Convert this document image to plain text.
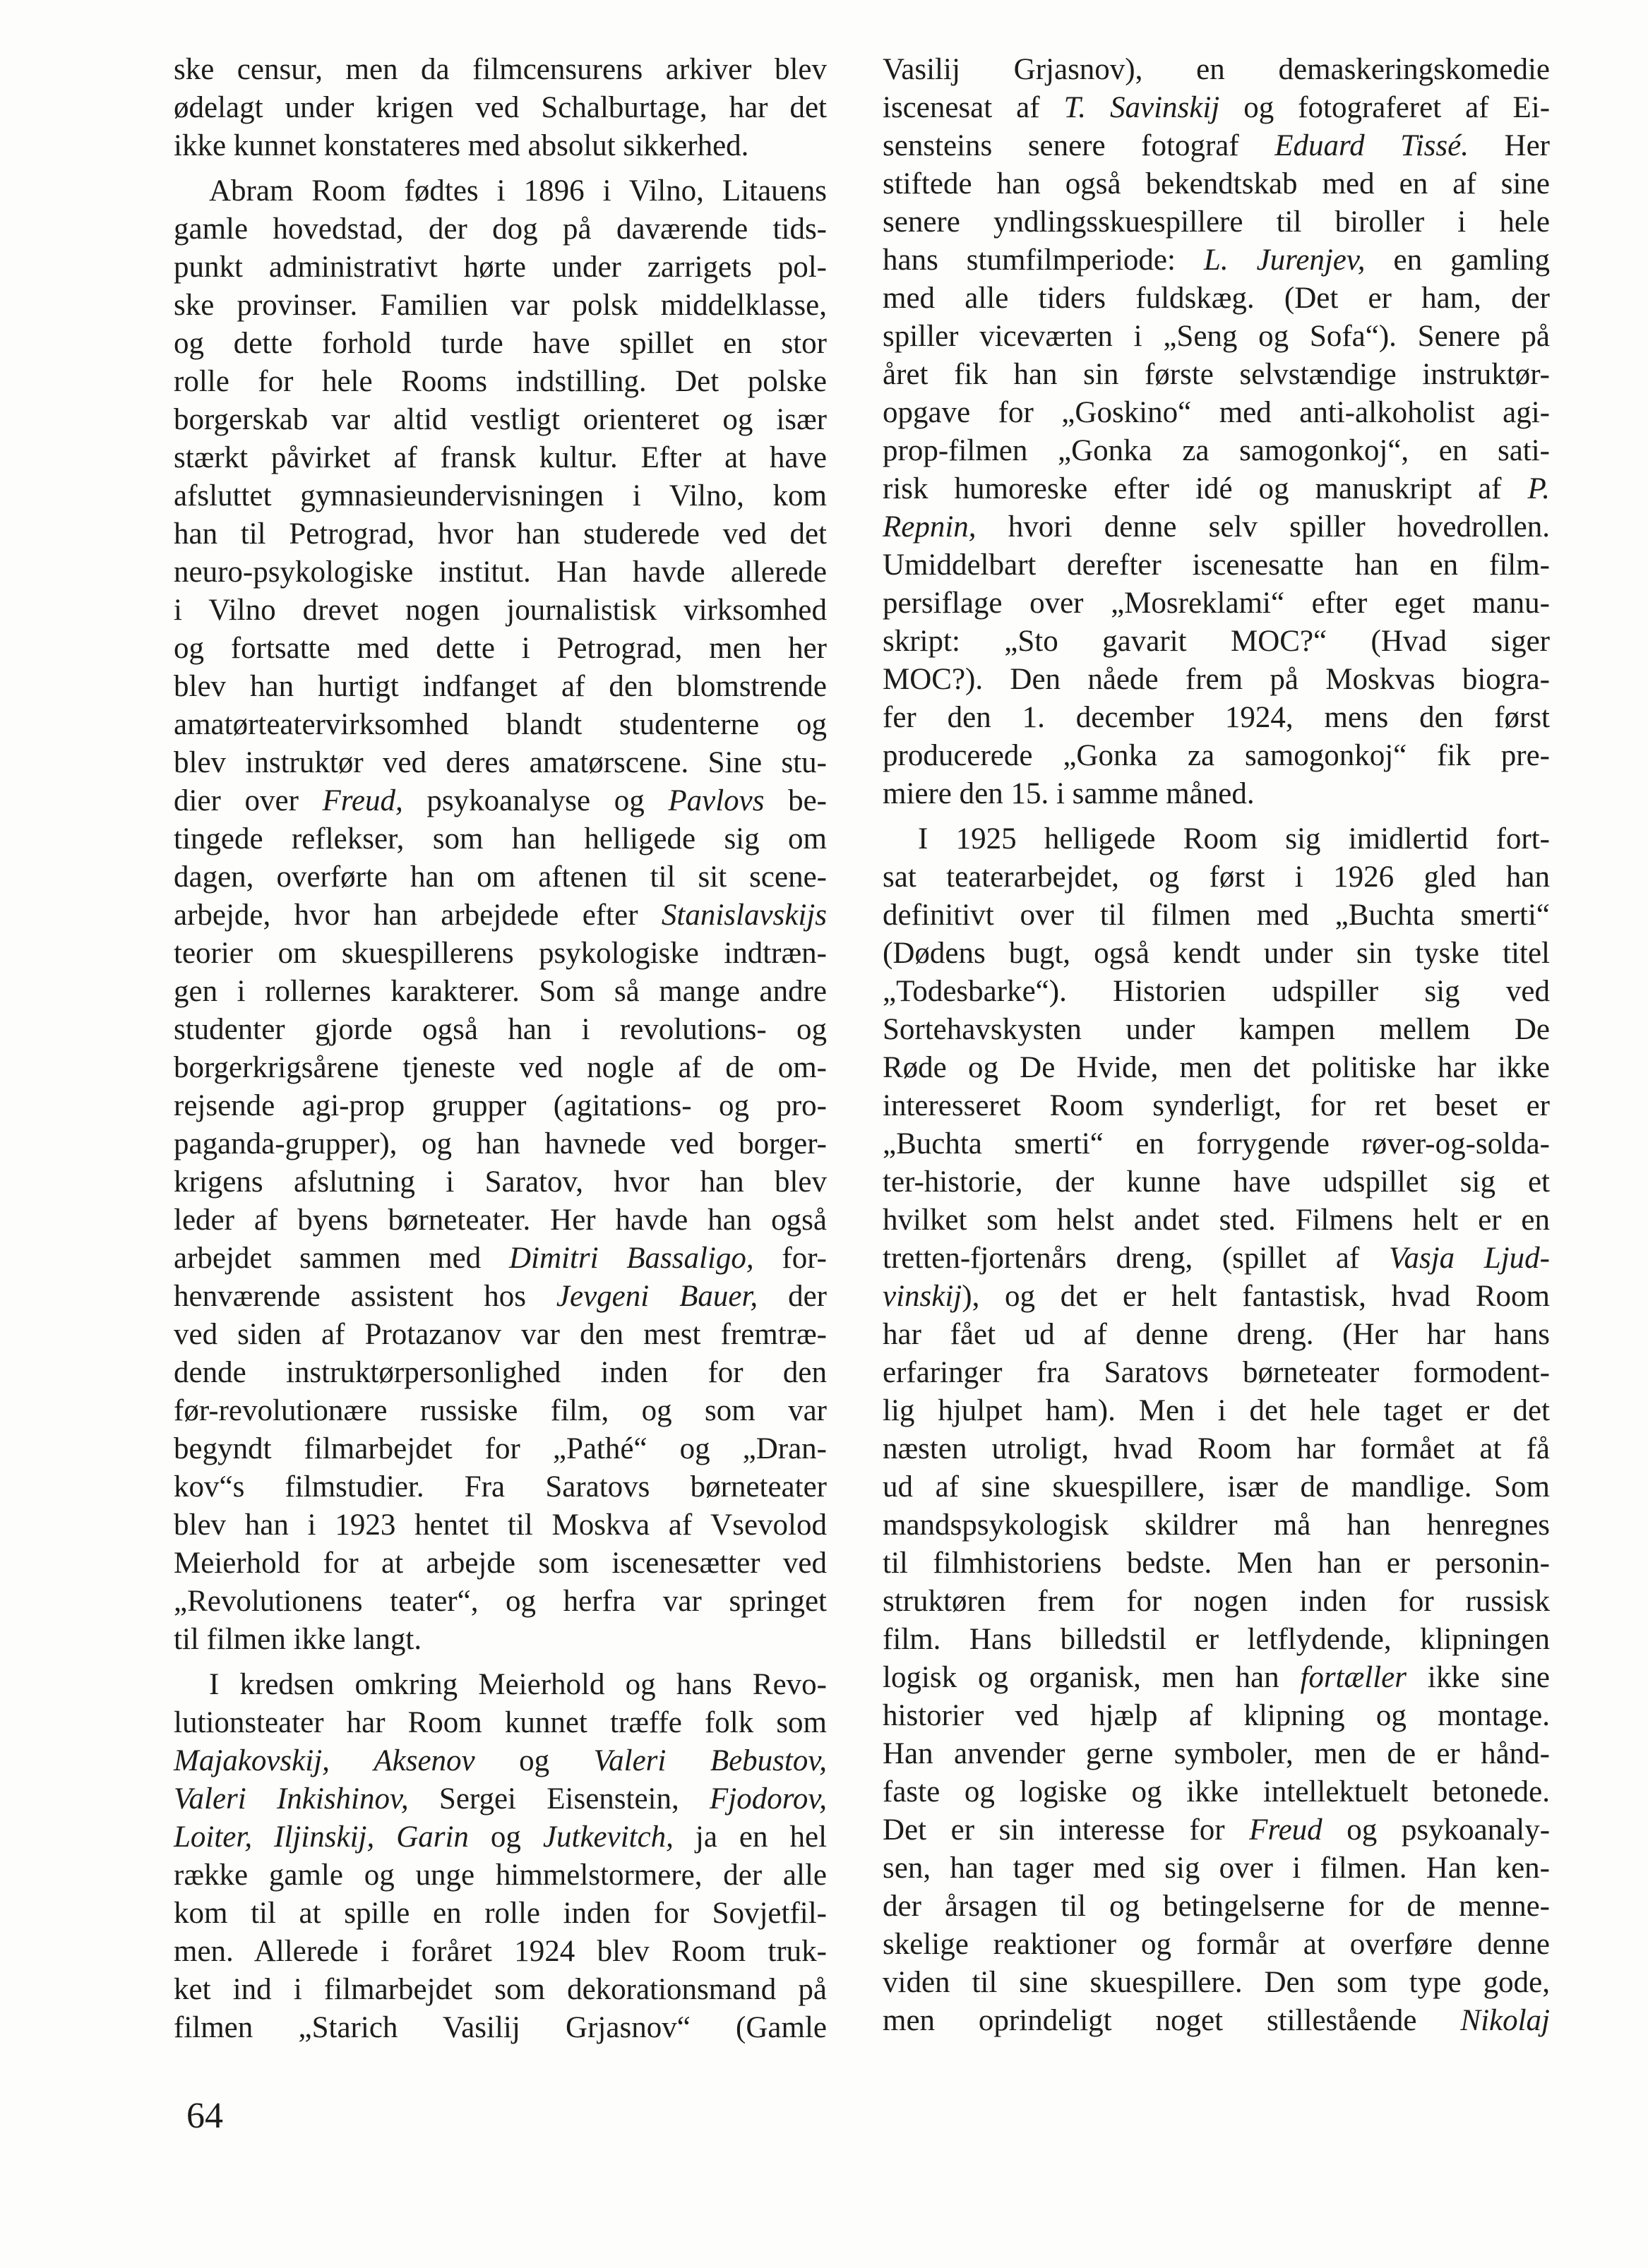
ske censur, men da filmcensurens arkiver blev
ødelagt under krigen ved Schalburtage, har det
ikke kunnet konstateres med absolut sikkerhed.
Abram Room fødtes i 1896 i Vilno, Litauens
gamle hovedstad, der dog på daværende tids-
punkt administrativt hørte under zarrigets pol-
ske provinser. Familien var polsk middelklasse,
og dette forhold turde have spillet en stor
rolle for hele Rooms indstilling. Det polske
borgerskab var altid vestligt orienteret og især
stærkt påvirket af fransk kultur. Efter at have
afsluttet gymnasieundervisningen i Vilno, kom
han til Petrograd, hvor han studerede ved det
neuro-psykologiske institut. Han havde allerede
i Vilno drevet nogen journalistisk virksomhed
og fortsatte med dette i Petrograd, men her
blev han hurtigt indfanget af den blomstrende
amatørteatervirksomhed blandt studenterne og
blev instruktør ved deres amatørscene. Sine stu-
dier over Freud, psykoanalyse og Pavlovs be-
tingede reflekser, som han helligede sig om
dagen, overførte han om aftenen til sit scene-
arbejde, hvor han arbejdede efter Stanislavskijs
teorier om skuespillerens psykologiske indtræn-
gen i rollernes karakterer. Som så mange andre
studenter gjorde også han i revolutions- og
borgerkrigsårene tjeneste ved nogle af de om-
rejsende agi-prop grupper (agitations- og pro-
paganda-grupper), og han havnede ved borger-
krigens afslutning i Saratov, hvor han blev
leder af byens børneteater. Her havde han også
arbejdet sammen med Dimitri Bassaligo, for-
henværende assistent hos Jevgeni Bauer, der
ved siden af Protazanov var den mest fremtræ-
dende instruktørpersonlighed inden for den
før-revolutionære russiske film, og som var
begyndt filmarbejdet for „Pathé“ og „Dran-
kov“s filmstudier. Fra Saratovs børneteater
blev han i 1923 hentet til Moskva af Vsevolod
Meierhold for at arbejde som iscenesætter ved
„Revolutionens teater“, og herfra var springet
til filmen ikke langt.
I kredsen omkring Meierhold og hans Revo-
lutionsteater har Room kunnet træffe folk som
Majakovskij, Aksenov og Valeri Bebustov,
Valeri Inkishinov, Sergei Eisenstein, Fjodorov,
Loiter, Iljinskij, Garin og Jutkevitch, ja en hel
række gamle og unge himmelstormere, der alle
kom til at spille en rolle inden for Sovjetfil-
men. Allerede i foråret 1924 blev Room truk-
ket ind i filmarbejdet som dekorationsmand på
filmen „Starich Vasilij Grjasnov“ (Gamle
Vasilij Grjasnov), en demaskeringskomedie
iscenesat af T. Savinskij og fotograferet af Ei-
sensteins senere fotograf Eduard Tissé. Her
stiftede han også bekendtskab med en af sine
senere yndlingsskuespillere til biroller i hele
hans stumfilmperiode: L. Jurenjev, en gamling
med alle tiders fuldskæg. (Det er ham, der
spiller viceværten i „Seng og Sofa“). Senere på
året fik han sin første selvstændige instruktør-
opgave for „Goskino“ med anti-alkoholist agi-
prop-filmen „Gonka za samogonkoj“, en sati-
risk humoreske efter idé og manuskript af P.
Repnin, hvori denne selv spiller hovedrollen.
Umiddelbart derefter iscenesatte han en film-
persiflage over „Mosreklami“ efter eget manu-
skript: „Sto gavarit MOC?“ (Hvad siger
MOC?). Den nåede frem på Moskvas biogra-
fer den 1. december 1924, mens den først
producerede „Gonka za samogonkoj“ fik pre-
miere den 15. i samme måned.
I 1925 helligede Room sig imidlertid fort-
sat teaterarbejdet, og først i 1926 gled han
definitivt over til filmen med „Buchta smerti“
(Dødens bugt, også kendt under sin tyske titel
„Todesbarke“). Historien udspiller sig ved
Sortehavskysten under kampen mellem De
Røde og De Hvide, men det politiske har ikke
interesseret Room synderligt, for ret beset er
„Buchta smerti“ en forrygende røver-og-solda-
ter-historie, der kunne have udspillet sig et
hvilket som helst andet sted. Filmens helt er en
tretten-fjortenårs dreng, (spillet af Vasja Ljud-
vinskij), og det er helt fantastisk, hvad Room
har fået ud af denne dreng. (Her har hans
erfaringer fra Saratovs børneteater formodent-
lig hjulpet ham). Men i det hele taget er det
næsten utroligt, hvad Room har formået at få
ud af sine skuespillere, især de mandlige. Som
mandspsykologisk skildrer må han henregnes
til filmhistoriens bedste. Men han er personin-
struktøren frem for nogen inden for russisk
film. Hans billedstil er letflydende, klipningen
logisk og organisk, men han fortæller ikke sine
historier ved hjælp af klipning og montage.
Han anvender gerne symboler, men de er hånd-
faste og logiske og ikke intellektuelt betonede.
Det er sin interesse for Freud og psykoanaly-
sen, han tager med sig over i filmen. Han ken-
der årsagen til og betingelserne for de menne-
skelige reaktioner og formår at overføre denne
viden til sine skuespillere. Den som type gode,
men oprindeligt noget stillestående Nikolaj
64
